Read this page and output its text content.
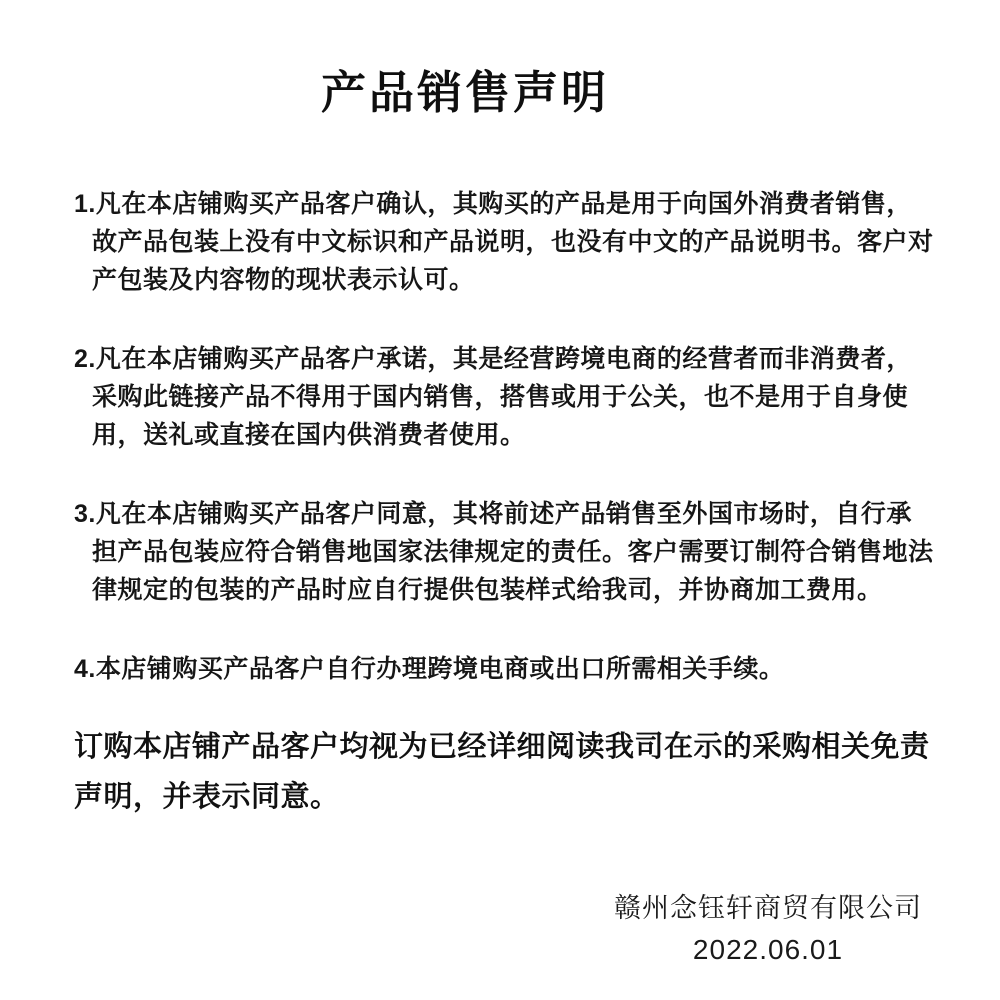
产品销售声明

1.凡在本店铺购买产品客户确认，其购买的产品是用于向国外消费者销售，故产品包装上没有中文标识和产品说明，也没有中文的产品说明书。客户对产包装及内容物的现状表示认可。

2.凡在本店铺购买产品客户承诺，其是经营跨境电商的经营者而非消费者，采购此链接产品不得用于国内销售，搭售或用于公关，也不是用于自身使用，送礼或直接在国内供消费者使用。

3.凡在本店铺购买产品客户同意，其将前述产品销售至外国市场时，自行承担产品包装应符合销售地国家法律规定的责任。客户需要订制符合销售地法律规定的包装的产品时应自行提供包装样式给我司，并协商加工费用。

4.本店铺购买产品客户自行办理跨境电商或出口所需相关手续。

订购本店铺产品客户均视为已经详细阅读我司在示的采购相关免责声明，并表示同意。

赣州念钰轩商贸有限公司
2022.06.01
